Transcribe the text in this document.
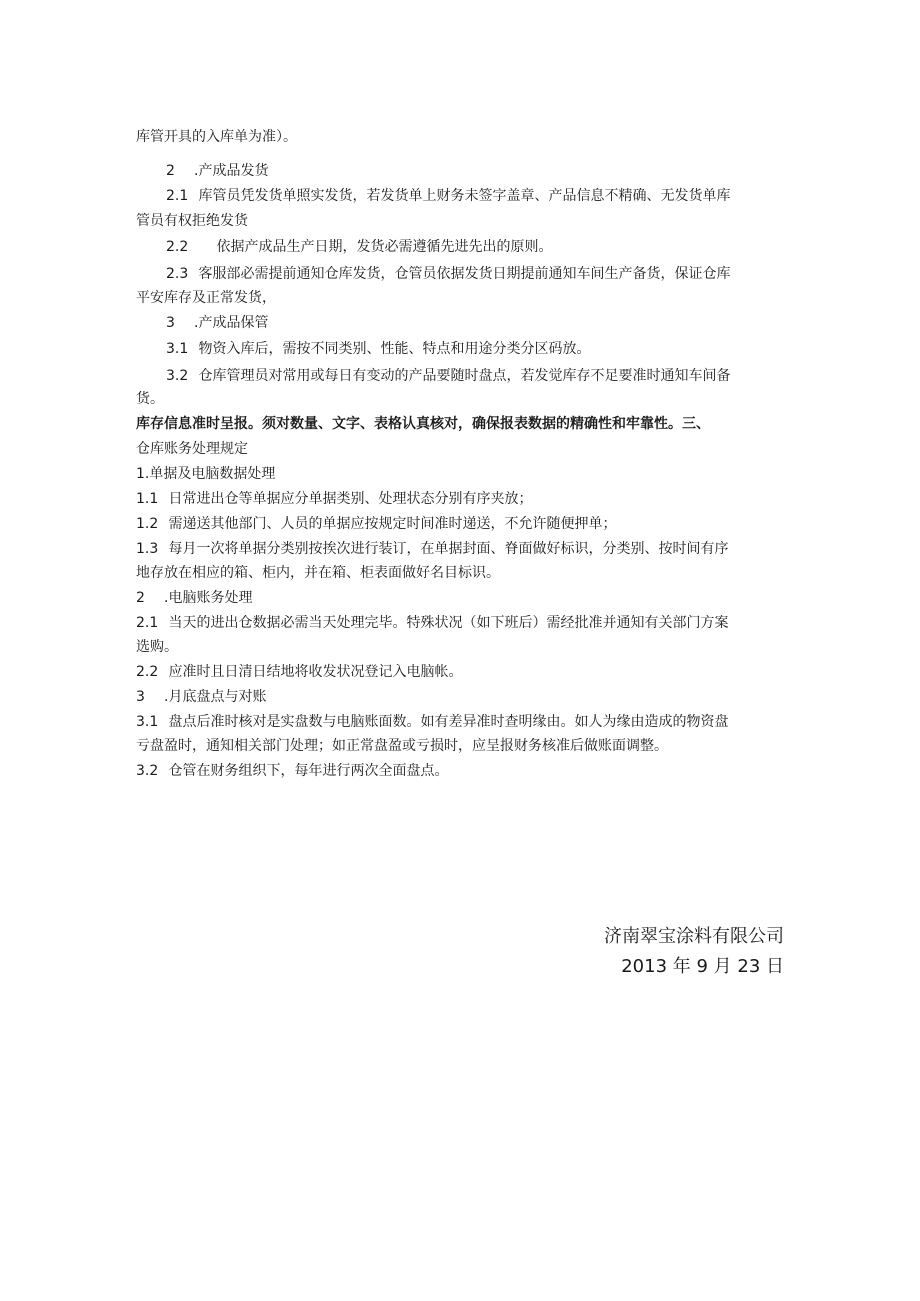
库管开具的入库单为准）。
2 .产成品发货
2.1 库管员凭发货单照实发货，若发货单上财务未签字盖章、产品信息不精确、无发货单库
管员有权拒绝发货
2.2 依据产成品生产日期，发货必需遵循先进先出的原则。
2.3 客服部必需提前通知仓库发货，仓管员依据发货日期提前通知车间生产备货，保证仓库
平安库存及正常发货，
3 .产成品保管
3.1 物资入库后，需按不同类别、性能、特点和用途分类分区码放。
3.2 仓库管理员对常用或每日有变动的产品要随时盘点，若发觉库存不足要准时通知车间备
货。
库存信息准时呈报。须对数量、文字、表格认真核对，确保报表数据的精确性和牢靠性。三、
仓库账务处理规定
1.单据及电脑数据处理
1.1 日常进出仓等单据应分单据类别、处理状态分别有序夹放；
1.2 需递送其他部门、人员的单据应按规定时间准时递送，不允许随便押单；
1.3 每月一次将单据分类别按挨次进行装订，在单据封面、脊面做好标识，分类别、按时间有序
地存放在相应的箱、柜内，并在箱、柜表面做好名目标识。
2 .电脑账务处理
2.1 当天的进出仓数据必需当天处理完毕。特殊状况（如下班后）需经批准并通知有关部门方案
选购。
2.2 应准时且日清日结地将收发状况登记入电脑帐。
3 .月底盘点与对账
3.1 盘点后准时核对是实盘数与电脑账面数。如有差异准时查明缘由。如人为缘由造成的物资盘
亏盘盈时，通知相关部门处理；如正常盘盈或亏损时，应呈报财务核准后做账面调整。
3.2 仓管在财务组织下，每年进行两次全面盘点。
济南翠宝涂料有限公司
2013 年 9 月 23 日
